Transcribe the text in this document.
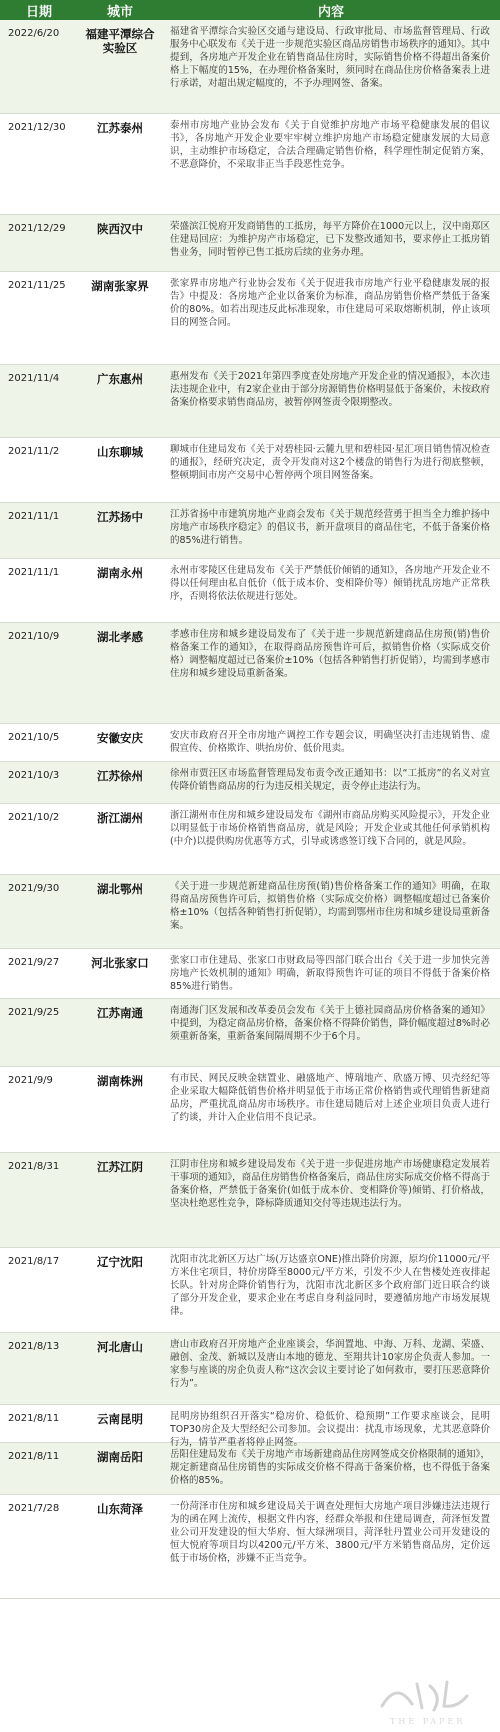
日期	城市	内容
2022/6/20	福建平潭综合实验区
福建省平潭综合实验区交通与建设局、行政审批局、市场监督管理局、行政服务中心联发布《关于进一步规范实验区商品房销售市场秩序的通知》。其中提到，各房地产开发企业在销售商品住房时，实际销售价格不得超出备案价格上下幅度的15%，在办理价格备案时，须同时在商品住房价格备案表上进行承诺，对超出规定幅度的，不予办理网签、备案。
2021/12/30	江苏泰州	泰州市房地产业协会发布《关于自觉维护房地产市场平稳健康发展的倡议书》，各房地产开发企业要牢牢树立维护房地产市场稳定健康发展的大局意识，主动维护市场稳定，合法合理确定销售价格，科学理性制定促销方案，不恶意降价，不采取非正当手段恶性竞争。
2021/12/29	陕西汉中	荣盛滨江悦府开发商销售的工抵房，每平方降价在1000元以上，汉中南郑区住建局回应：为维护房产市场稳定，已下发整改通知书，要求停止工抵房销售业务，同时暂停已售工抵房后续的业务办理。
2021/11/25	湖南张家界	张家界市房地产行业协会发布《关于促进我市房地产行业平稳健康发展的报告》中提及：各房地产企业以备案价为标准，商品房销售价格严禁低于备案价的80%。如若出现违反此标准现象，市住建局可采取熔断机制，停止该项目的网签合同。
2021/11/4	广东惠州	惠州发布《关于2021年第四季度查处房地产开发企业的情况通报》，本次违法违规企业中，有2家企业由于部分房源销售价格明显低于备案价，未按政府备案价格要求销售商品房，被暂停网签责令限期整改。
2021/11/2	山东聊城	聊城市住建局发布《关于对碧桂园·云麓九里和碧桂园·星汇项目销售情况检查的通报》，经研究决定，责令开发商对这2个楼盘的销售行为进行彻底整顿，整顿期间市房产交易中心暂停两个项目网签备案。
2021/11/1	江苏扬中	江苏省扬中市建筑房地产业商会发布《关于规范经营勇于担当全力维护扬中房地产市场秩序稳定》的倡议书，新开盘项目的商品住宅，不低于备案价格的85%进行销售。
2021/11/1	湖南永州	永州市零陵区住建局发布《关于严禁低价倾销的通知》，各房地产开发企业不得以任何理由私自低价（低于成本价、变相降价等）倾销扰乱房地产正常秩序，否则将依法依规进行惩处。
2021/10/9	湖北孝感	孝感市住房和城乡建设局发布了《关于进一步规范新建商品住房预(销)售价格备案工作的通知》，在取得商品房预售许可后，拟销售价格（实际成交价格）调整幅度超过已备案价±10%（包括各种销售打折促销），均需到孝感市住房和城乡建设局重新备案。
2021/10/5	安徽安庆	安庆市政府召开全市房地产调控工作专题会议，明确坚决打击违规销售、虚假宣传、价格欺诈、哄抬房价、低价甩卖。
2021/10/3	江苏徐州	徐州市贾汪区市场监督管理局发布责令改正通知书：以“工抵房”的名义对宣传降价销售商品房的行为违反相关规定，责令停止违法行为。
2021/10/2	浙江湖州	浙江湖州市住房和城乡建设局发布《湖州市商品房购买风险提示》，开发企业以明显低于市场价格销售商品房，就是风险；开发企业或其他任何承销机构(中介)以提供购房优惠等方式，引导或诱惑签订线下合同的，就是风险。
2021/9/30	湖北鄂州	《关于进一步规范新建商品住房预(销)售价格备案工作的通知》明确，在取得商品房预售许可后，拟销售价格（实际成交价格）调整幅度超过已备案价格±10%（包括各种销售打折促销），均需到鄂州市住房和城乡建设局重新备案。
2021/9/27	河北张家口	张家口市住建局、张家口市财政局等四部门联合出台《关于进一步加快完善房地产长效机制的通知》明确，新取得预售许可证的项目不得低于备案价格85%进行销售。
2021/9/25	江苏南通	南通海门区发展和改革委员会发布《关于上德社园商品房价格备案的通知》中提到，为稳定商品房价格，备案价格不得降价销售，降价幅度超过8%时必须重新备案，重新备案间隔周期不少于6个月。
2021/9/9	湖南株洲	有市民、网民反映金辖置业、融盛地产、博瑞地产、欣盛万博、贝壳经纪等企业采取大幅降低销售价格并明显低于市场正常价格销售或代理销售新建商品房，严重扰乱商品房市场秩序。市住建局随后对上述企业项目负责人进行了约谈，并计入企业信用不良记录。
2021/8/31	江苏江阴	江阴市住房和城乡建设局发布《关于进一步促进房地产市场健康稳定发展若干事项的通知》，商品住房销售价格备案后，商品住房实际成交价格不得高于备案价格，严禁低于备案价(如低于成本价、变相降价等)倾销、打价格战，坚决杜绝恶性竞争，降标降质通知交付等违规违法行为。
2021/8/17	辽宁沈阳	沈阳市沈北新区万达广场(万达盛京ONE)推出降价房源，原均价11000元/平方米住宅项目，特价房降至8000元/平方米，引发不少人在售楼处连夜排起长队。针对房企降价销售行为，沈阳市沈北新区多个政府部门近日联合约谈了部分开发企业，要求企业在考虑自身利益同时，要遵循房地产市场发展规律。
2021/8/13	河北唐山	唐山市政府召开房地产企业座谈会，华润置地、中海、万科、龙湖、荣盛、融创、金茂、新城以及唐山本地的德龙、至翔共计10家房企负责人参加。一家参与座谈的房企负责人称“这次会议主要讨论了如何救市，要打压恶意降价行为”。
2021/8/11	云南昆明	昆明房协组织召开落实“稳房价、稳低价、稳预期”工作要求座谈会，昆明TOP30房企及大型经纪公司参加。会议提出：扰乱市场现象，尤其恶意降价行为，情节严重者将停止网签。
2021/8/11	湖南岳阳	岳阳住建局发布《关于房地产市场新建商品住房网签成交价格限制的通知》，规定新建商品住房销售的实际成交价格不得高于备案价格，也不得低于备案价格的85%。
2021/7/28	山东菏泽	一份菏泽市住房和城乡建设局关于调查处理恒大房地产项目涉嫌违法违规行为的函在网上流传，根据文件内容，经群众举报和住建局调查，菏泽恒发置业公司开发建设的恒大华府、恒大绿洲项目，菏泽牡丹置业公司开发建设的恒大悦府等项目均以4200元/平方米、3800元/平方米销售商品房，定价远低于市场价格，涉嫌不正当竞争。
THE PAPER
